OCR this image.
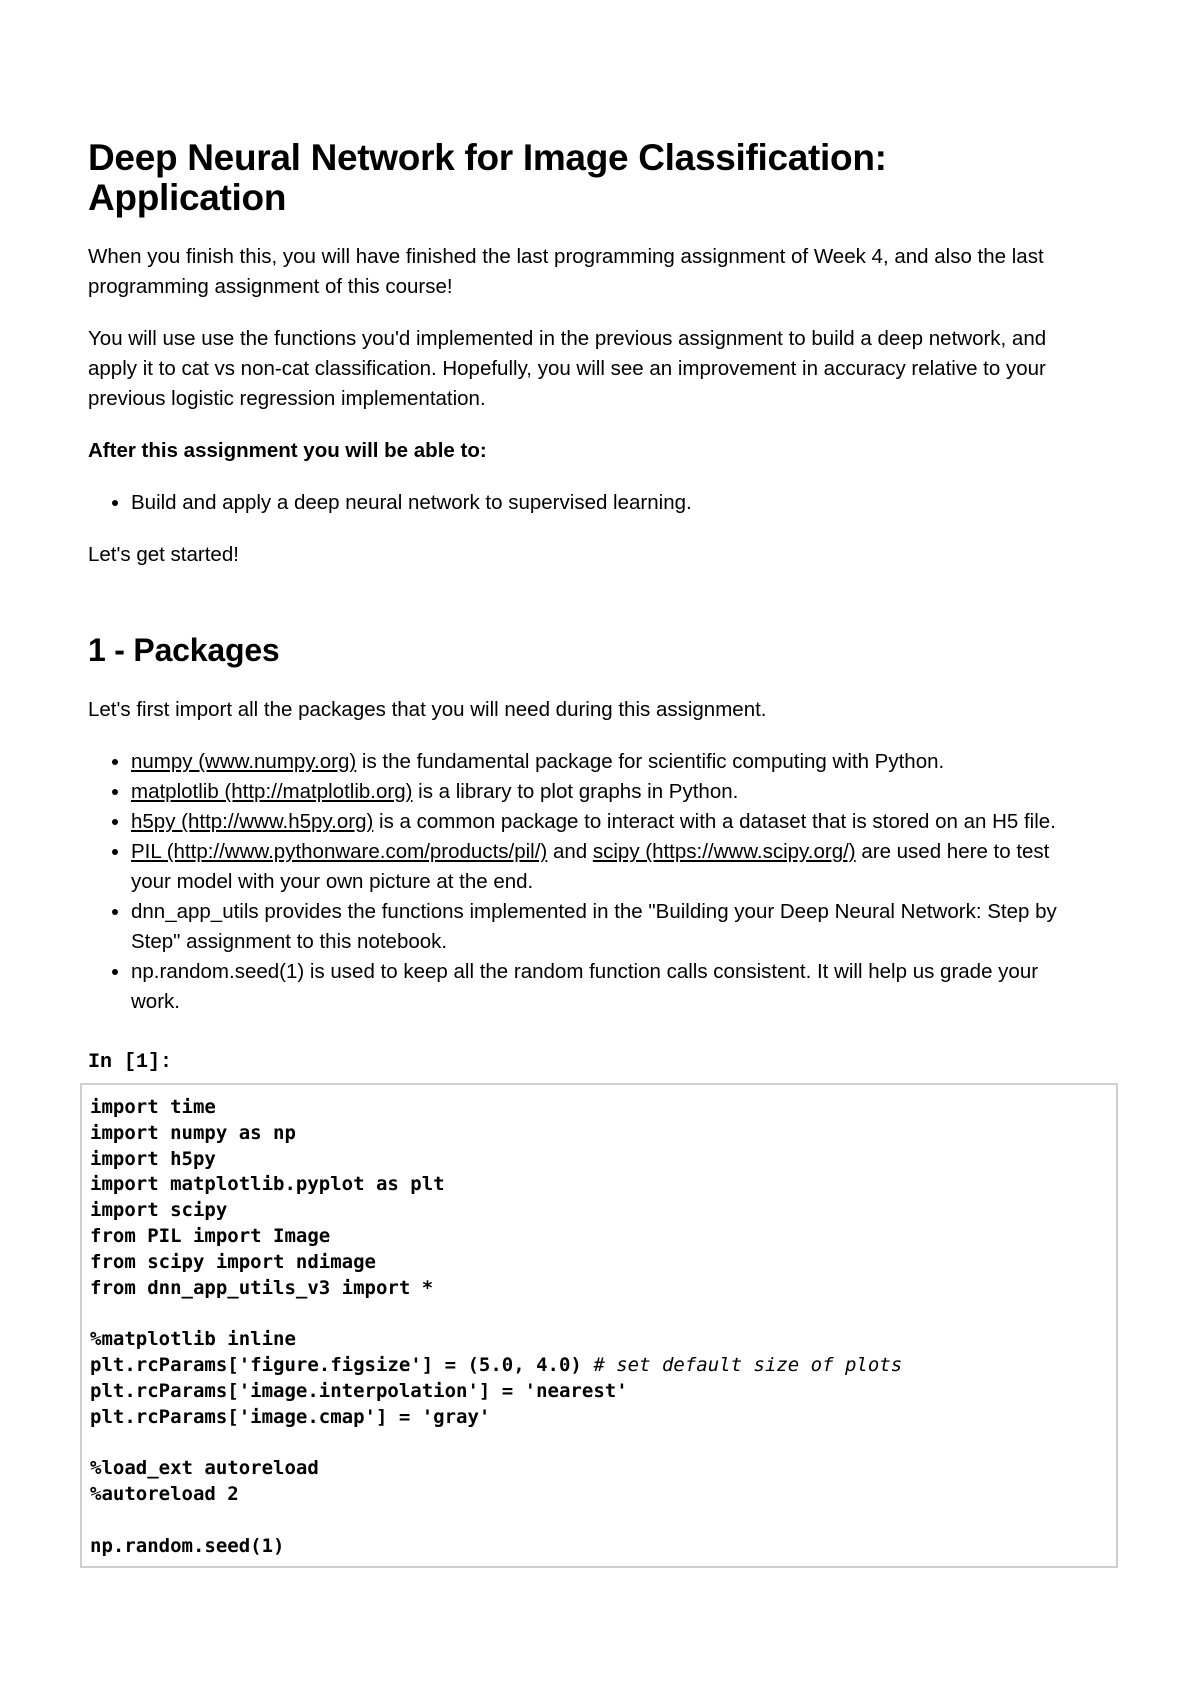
Deep Neural Network for Image Classification: Application

When you finish this, you will have finished the last programming assignment of Week 4, and also the last programming assignment of this course!

You will use use the functions you'd implemented in the previous assignment to build a deep network, and apply it to cat vs non-cat classification. Hopefully, you will see an improvement in accuracy relative to your previous logistic regression implementation.

After this assignment you will be able to:

• Build and apply a deep neural network to supervised learning.

Let's get started!

1 - Packages

Let's first import all the packages that you will need during this assignment.

• numpy (www.numpy.org) is the fundamental package for scientific computing with Python.
• matplotlib (http://matplotlib.org) is a library to plot graphs in Python.
• h5py (http://www.h5py.org) is a common package to interact with a dataset that is stored on an H5 file.
• PIL (http://www.pythonware.com/products/pil/) and scipy (https://www.scipy.org/) are used here to test your model with your own picture at the end.
• dnn_app_utils provides the functions implemented in the "Building your Deep Neural Network: Step by Step" assignment to this notebook.
• np.random.seed(1) is used to keep all the random function calls consistent. It will help us grade your work.
In [1]:
import time
import numpy as np
import h5py
import matplotlib.pyplot as plt
import scipy
from PIL import Image
from scipy import ndimage
from dnn_app_utils_v3 import *
%matplotlib inline
plt.rcParams['figure.figsize'] = (5.0, 4.0) # set default size of plots
plt.rcParams['image.interpolation'] = 'nearest'
plt.rcParams['image.cmap'] = 'gray'
%load_ext autoreload
%autoreload 2
np.random.seed(1)
